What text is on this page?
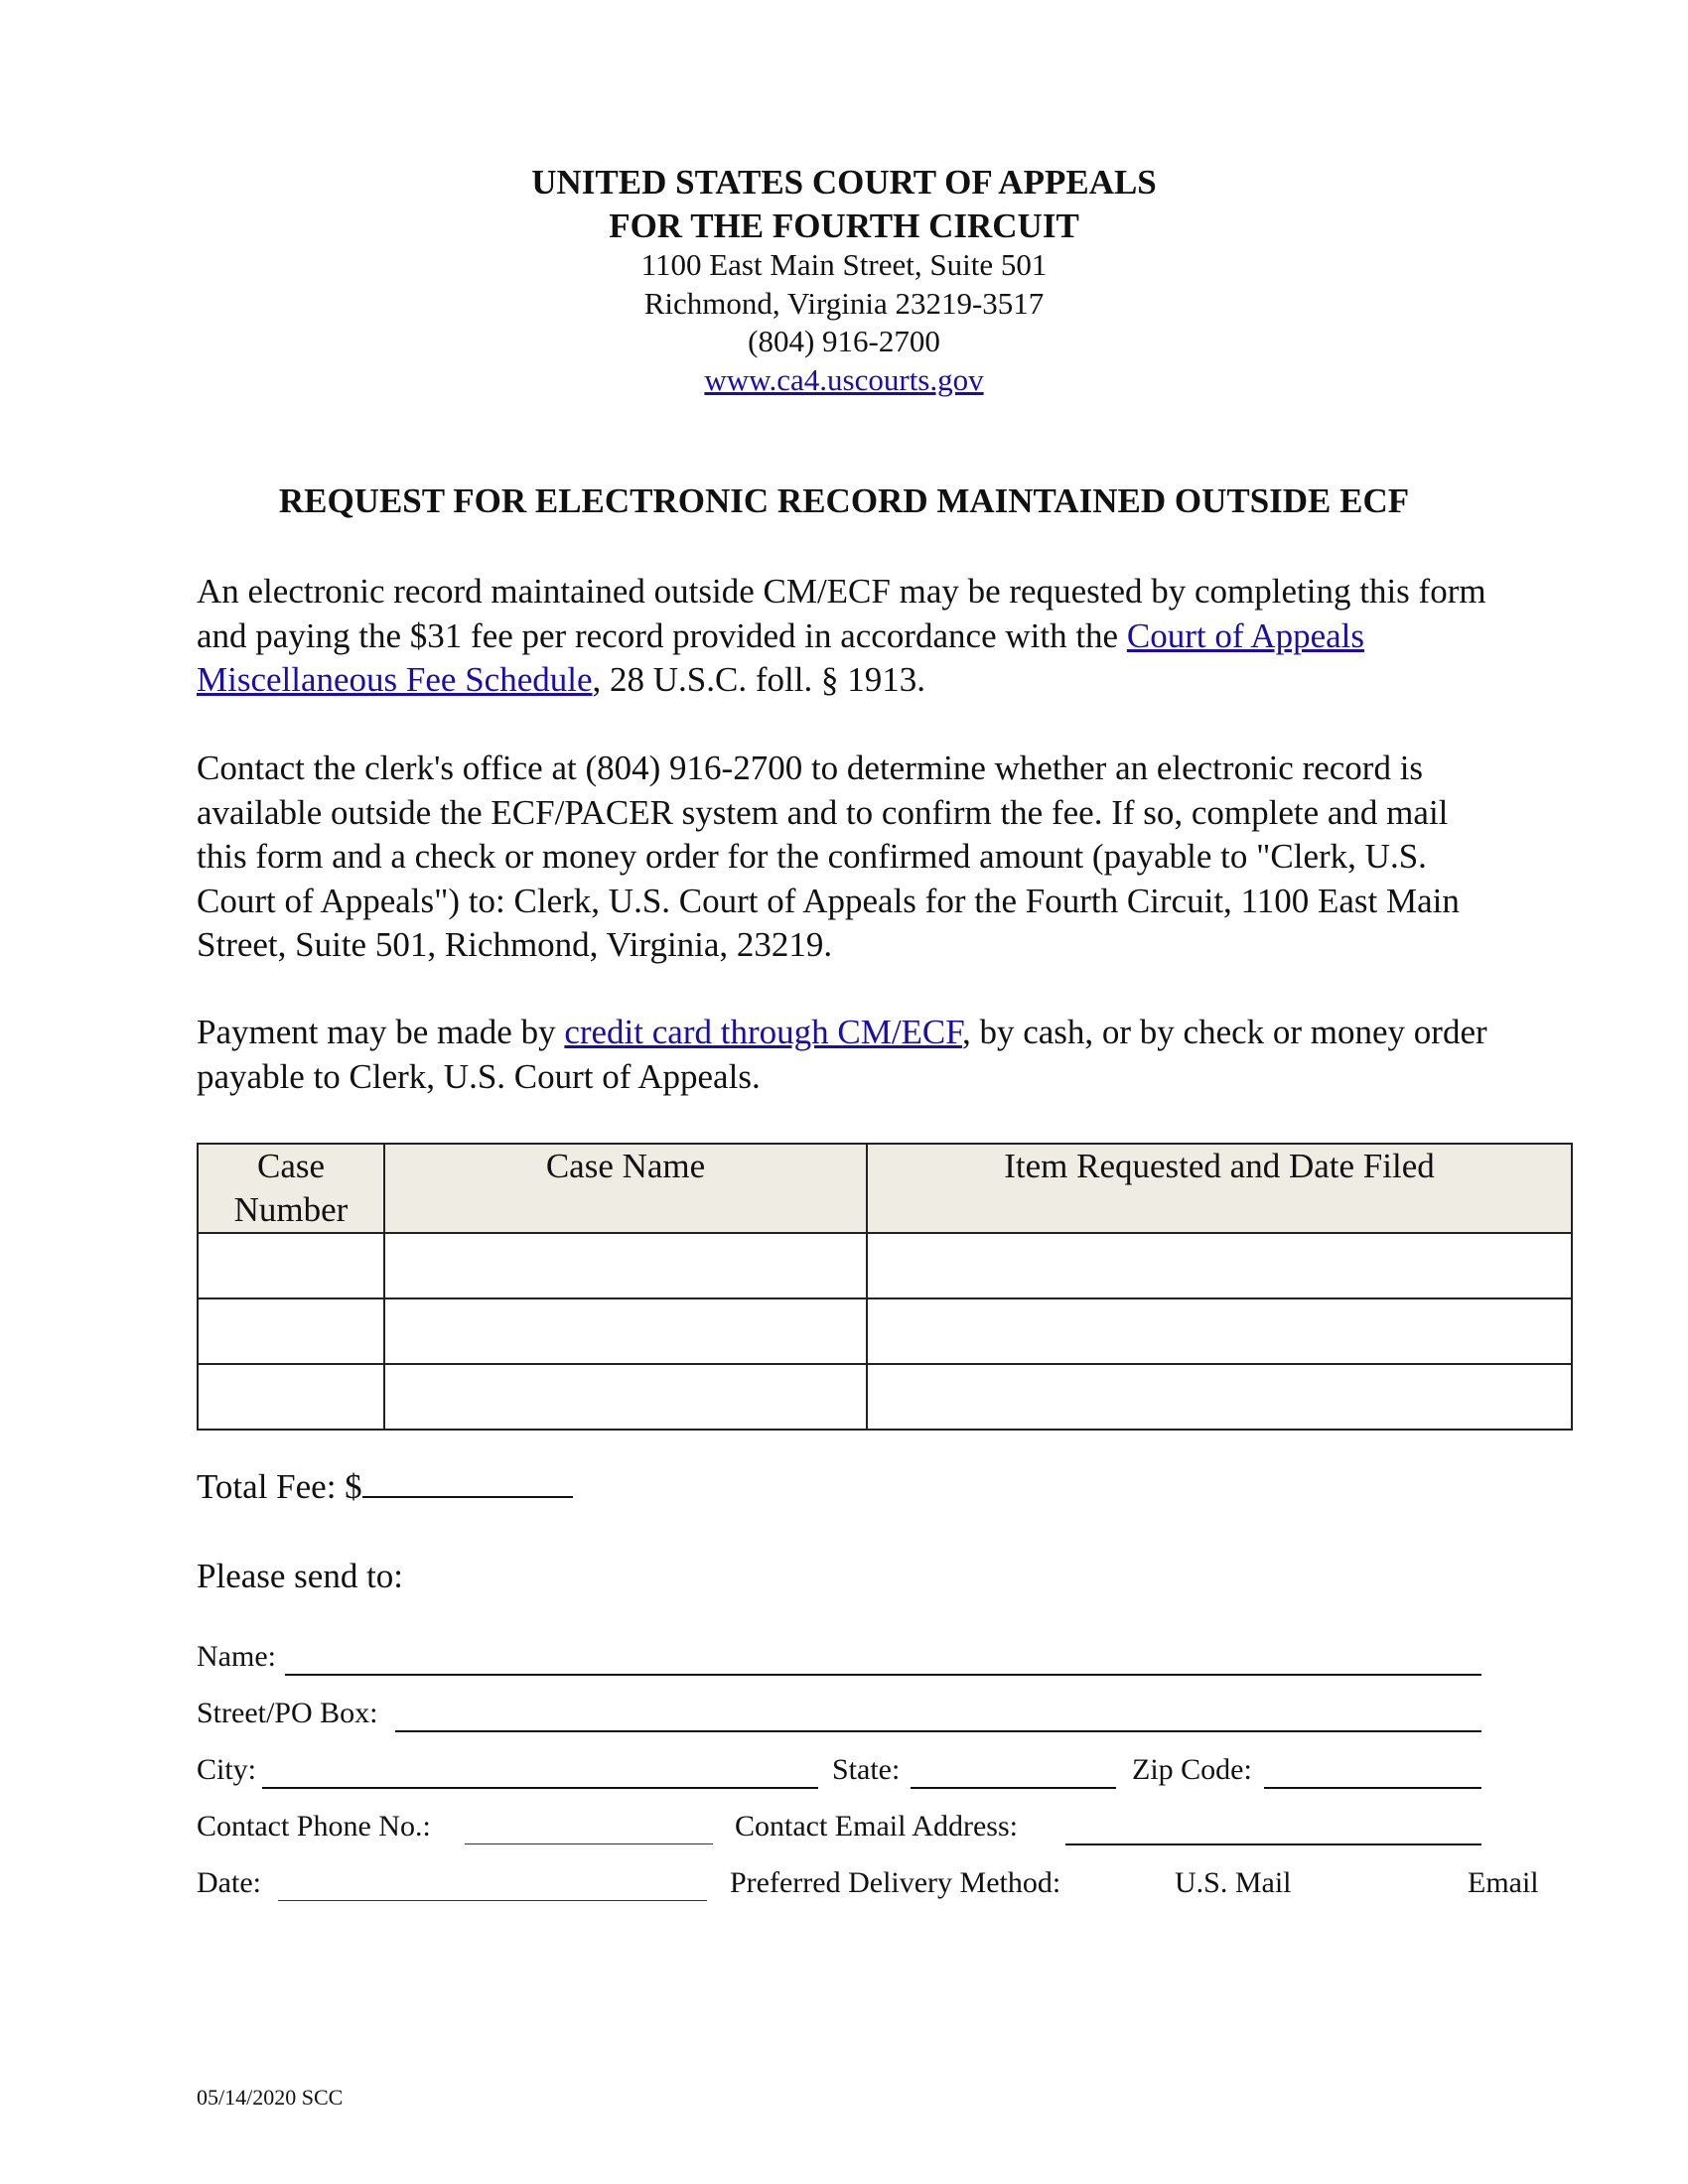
UNITED STATES COURT OF APPEALS
FOR THE FOURTH CIRCUIT
1100 East Main Street, Suite 501
Richmond, Virginia 23219-3517
(804) 916-2700
www.ca4.uscourts.gov
REQUEST FOR ELECTRONIC RECORD MAINTAINED OUTSIDE ECF
An electronic record maintained outside CM/ECF may be requested by completing this form and paying the $31 fee per record provided in accordance with the Court of Appeals Miscellaneous Fee Schedule, 28 U.S.C. foll. § 1913.
Contact the clerk's office at (804) 916-2700 to determine whether an electronic record is available outside the ECF/PACER system and to confirm the fee. If so, complete and mail this form and a check or money order for the confirmed amount (payable to "Clerk, U.S. Court of Appeals") to: Clerk, U.S. Court of Appeals for the Fourth Circuit, 1100 East Main Street, Suite 501, Richmond, Virginia, 23219.
Payment may be made by credit card through CM/ECF, by cash, or by check or money order payable to Clerk, U.S. Court of Appeals.
Case
Number	Case Name	Item Requested and Date Filed

Total Fee: $
Please send to:
Name:
Street/PO Box:
City:	State:	Zip Code:
Contact Phone No.:	Contact Email Address:
Date:	Preferred Delivery Method:	U.S. Mail	Email
05/14/2020 SCC
